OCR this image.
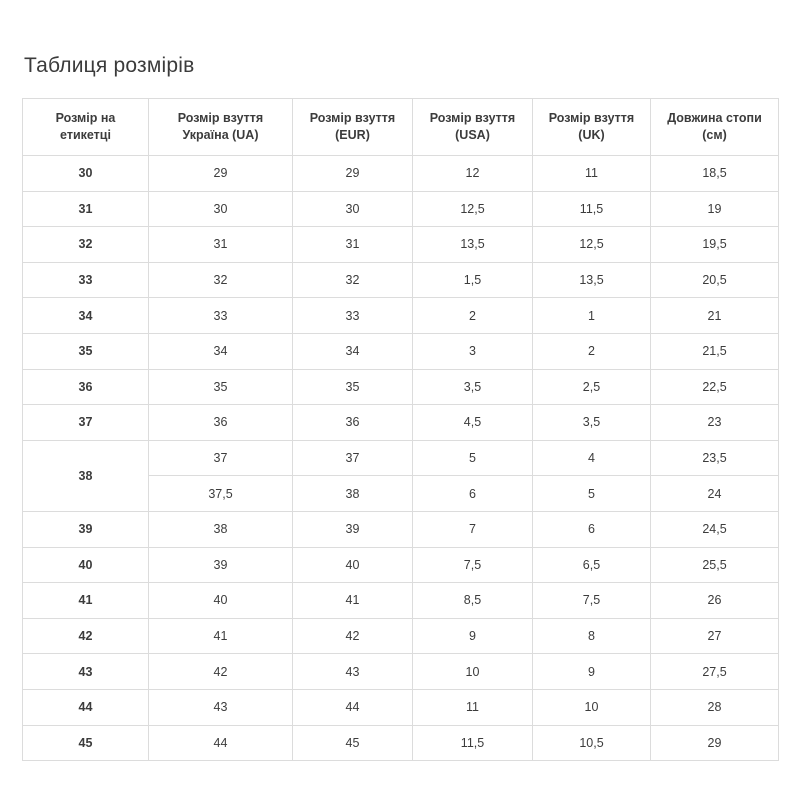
Таблиця розмірів
Розмір на етикетці	Розмір взуття Україна (UA)	Розмір взуття (EUR)	Розмір взуття (USA)	Розмір взуття (UK)	Довжина стопи (см)
30	29	29	12	11	18,5
31	30	30	12,5	11,5	19
32	31	31	13,5	12,5	19,5
33	32	32	1,5	13,5	20,5
34	33	33	2	1	21
35	34	34	3	2	21,5
36	35	35	3,5	2,5	22,5
37	36	36	4,5	3,5	23
38	37	37	5	4	23,5
	37,5	38	6	5	24
39	38	39	7	6	24,5
40	39	40	7,5	6,5	25,5
41	40	41	8,5	7,5	26
42	41	42	9	8	27
43	42	43	10	9	27,5
44	43	44	11	10	28
45	44	45	11,5	10,5	29
